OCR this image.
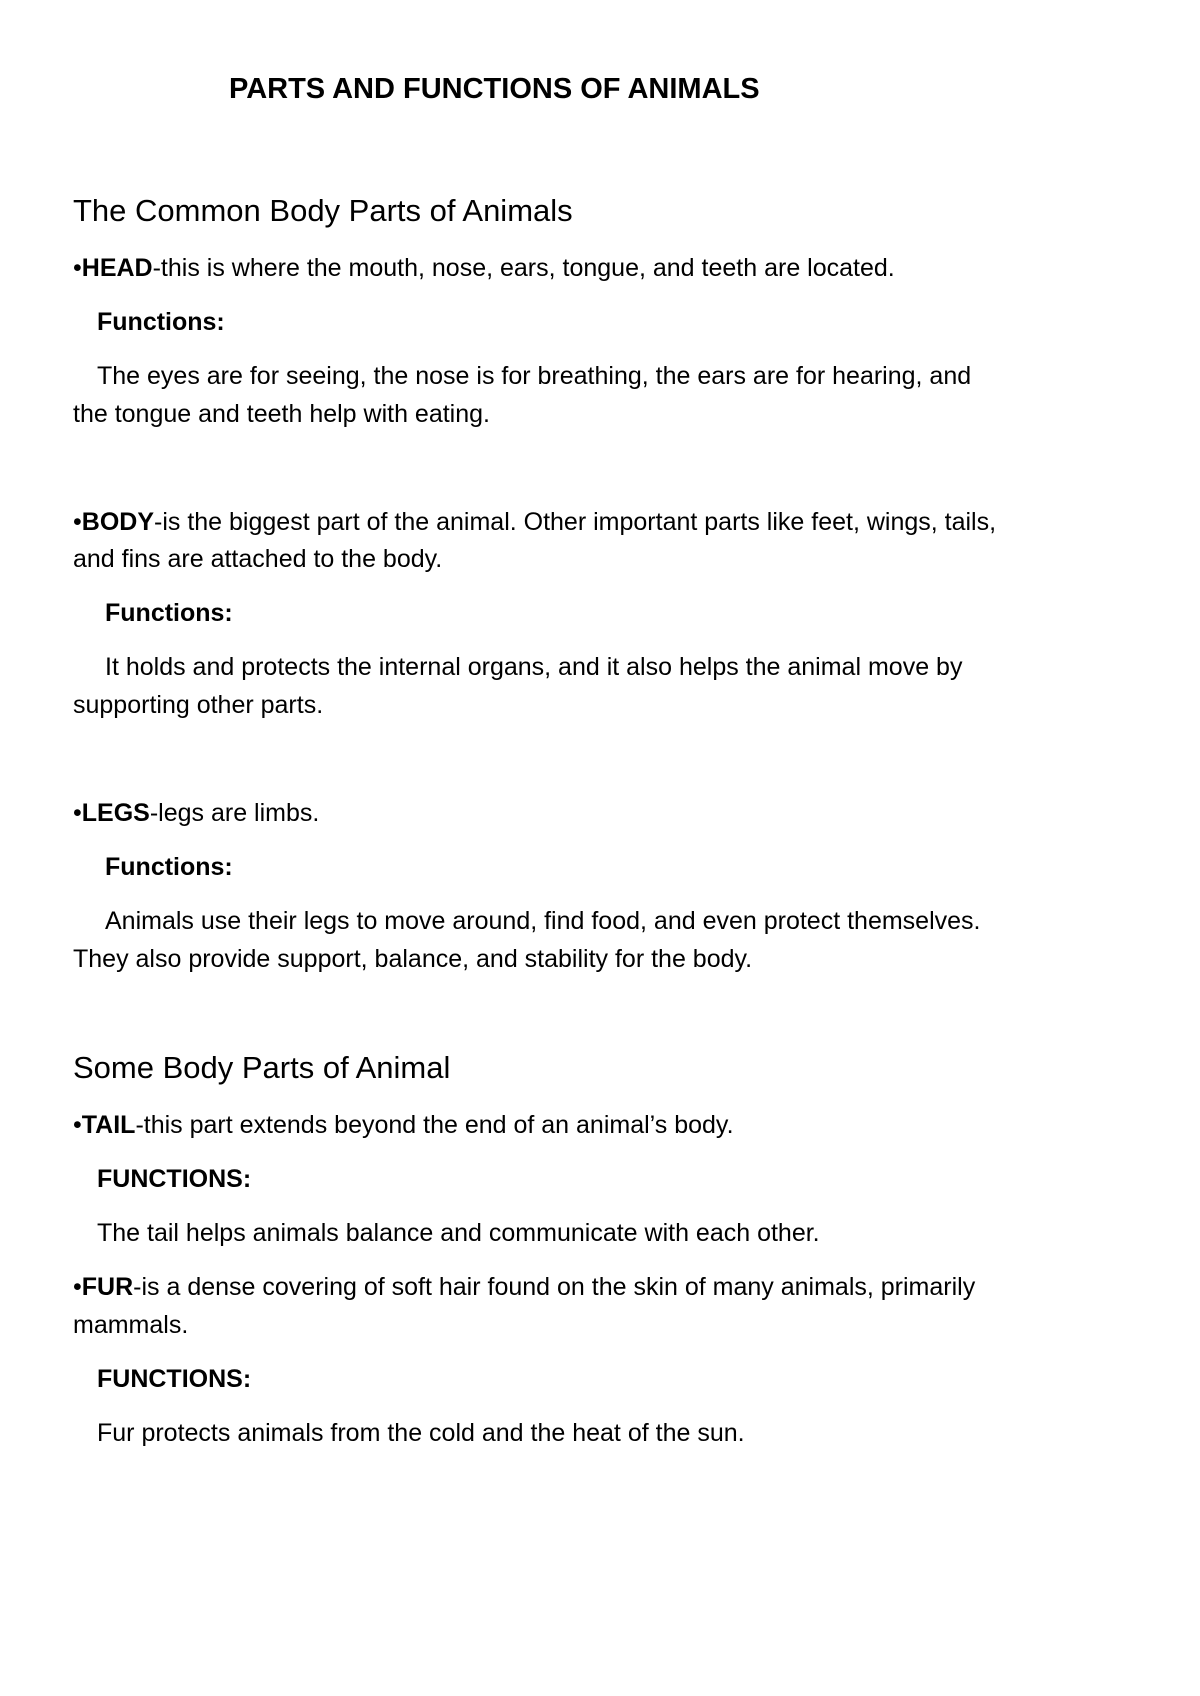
PARTS AND FUNCTIONS OF ANIMALS
The Common Body Parts of Animals
•HEAD-this is where the mouth, nose, ears, tongue, and teeth are located.
Functions:
The eyes are for seeing, the nose is for breathing, the ears are for hearing, and
the tongue and teeth help with eating.
•BODY-is the biggest part of the animal. Other important parts like feet, wings, tails,
and fins are attached to the body.
Functions:
It holds and protects the internal organs, and it also helps the animal move by
supporting other parts.
•LEGS-legs are limbs.
Functions:
Animals use their legs to move around, find food, and even protect themselves.
They also provide support, balance, and stability for the body.
Some Body Parts of Animal
•TAIL-this part extends beyond the end of an animal’s body.
FUNCTIONS:
The tail helps animals balance and communicate with each other.
•FUR-is a dense covering of soft hair found on the skin of many animals, primarily
mammals.
FUNCTIONS:
Fur protects animals from the cold and the heat of the sun.
